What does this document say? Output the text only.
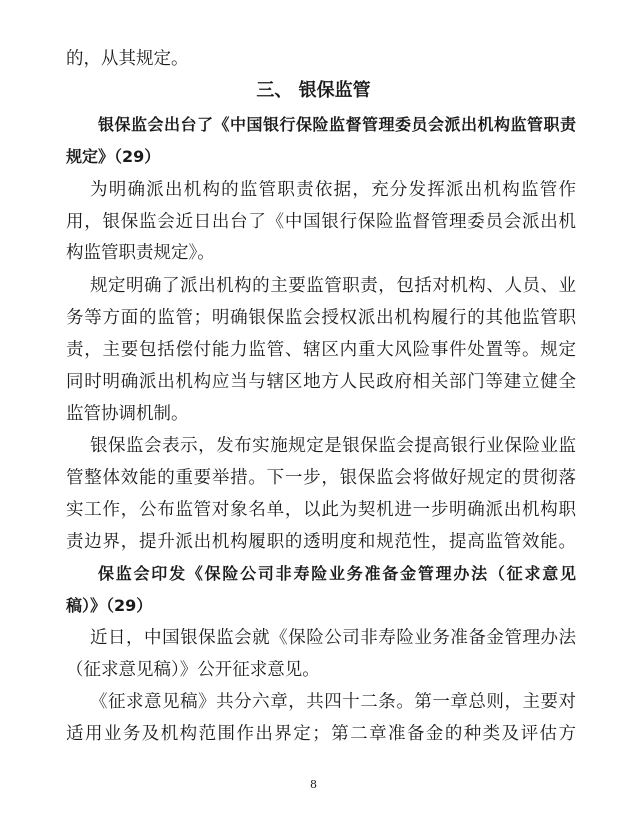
的，从其规定。
三、 银保监管
银保监会出台了《中国银行保险监督管理委员会派出机构监管职责
规定》（29）
为明确派出机构的监管职责依据，充分发挥派出机构监管作
用，银保监会近日出台了《中国银行保险监督管理委员会派出机
构监管职责规定》。
规定明确了派出机构的主要监管职责，包括对机构、人员、业
务等方面的监管；明确银保监会授权派出机构履行的其他监管职
责，主要包括偿付能力监管、辖区内重大风险事件处置等。规定
同时明确派出机构应当与辖区地方人民政府相关部门等建立健全
监管协调机制。
银保监会表示，发布实施规定是银保监会提高银行业保险业监
管整体效能的重要举措。下一步，银保监会将做好规定的贯彻落
实工作，公布监管对象名单，以此为契机进一步明确派出机构职
责边界，提升派出机构履职的透明度和规范性，提高监管效能。
保监会印发《保险公司非寿险业务准备金管理办法（征求意见
稿）》（29）
近日，中国银保监会就《保险公司非寿险业务准备金管理办法
（征求意见稿）》公开征求意见。
《征求意见稿》共分六章，共四十二条。第一章总则，主要对
适用业务及机构范围作出界定；第二章准备金的种类及评估方
8
